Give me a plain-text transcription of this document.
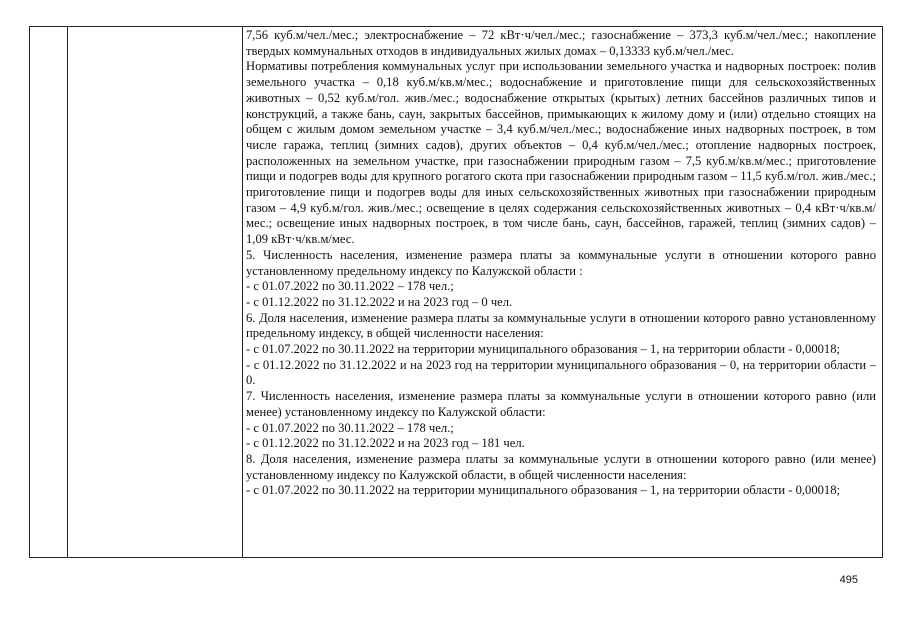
7,56 куб.м/чел./мес.; электроснабжение – 72 кВт·ч/чел./мес.; газоснабжение – 373,3 куб.м/чел./мес.; накопление твердых коммунальных отходов в индивидуальных жилых домах – 0,13333 куб.м/чел./мес.

Нормативы потребления коммунальных услуг при использовании земельного участка и надворных построек: полив земельного участка – 0,18 куб.м/кв.м/мес.; водоснабжение и приготовление пищи для сельскохозяйственных животных – 0,52 куб.м/гол. жив./мес.; водоснабжение открытых (крытых) летних бассейнов различных типов и конструкций, а также бань, саун, закрытых бассейнов, примыкающих к жилому дому и (или) отдельно стоящих на общем с жилым домом земельном участке – 3,4 куб.м/чел./мес.; водоснабжение иных надворных построек, в том числе гаража, теплиц (зимних садов), других объектов – 0,4 куб.м/чел./мес.; отопление надворных построек, расположенных на земельном участке, при газоснабжении природным газом – 7,5 куб.м/кв.м/мес.; приготовление пищи и подогрев воды для крупного рогатого скота при газоснабжении природным газом – 11,5 куб.м/гол. жив./мес.; приготовление пищи и подогрев воды для иных сельскохозяйственных животных при газоснабжении природным газом – 4,9 куб.м/гол. жив./мес.; освещение в целях содержания сельскохозяйственных животных – 0,4 кВт·ч/кв.м/мес.; освещение иных надворных построек, в том числе бань, саун, бассейнов, гаражей, теплиц (зимних садов) – 1,09 кВт·ч/кв.м/мес.

5. Численность населения, изменение размера платы за коммунальные услуги в отношении которого равно установленному предельному индексу по Калужской области :

- с 01.07.2022 по 30.11.2022 – 178 чел.;

- с 01.12.2022 по 31.12.2022 и на 2023 год – 0 чел.

6. Доля населения, изменение размера платы за коммунальные услуги в отношении которого равно установленному предельному индексу, в общей численности населения:

- с 01.07.2022 по 30.11.2022 на территории муниципального образования – 1, на территории области - 0,00018;

- с 01.12.2022 по 31.12.2022 и на 2023 год на территории муниципального образования – 0, на территории области – 0.

7. Численность населения, изменение размера платы за коммунальные услуги в отношении которого равно (или менее) установленному индексу по Калужской области:

- с 01.07.2022 по 30.11.2022 – 178 чел.;

- с 01.12.2022 по 31.12.2022 и на 2023 год – 181 чел.

8. Доля населения, изменение размера платы за коммунальные услуги в отношении которого равно (или менее) установленному индексу по Калужской области, в общей численности населения:

- с 01.07.2022 по 30.11.2022 на территории муниципального образования – 1, на территории области - 0,00018;

495
